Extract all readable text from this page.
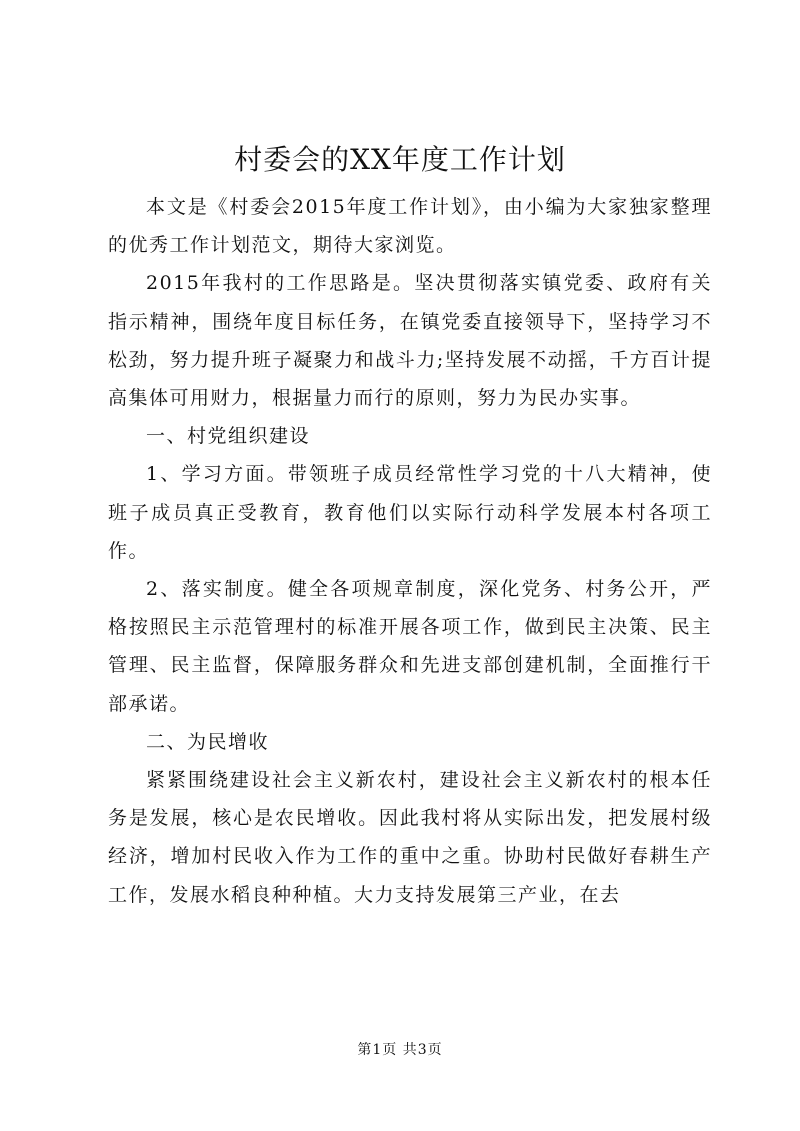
村委会的XX年度工作计划

本文是《村委会2015年度工作计划》，由小编为大家独家整理的优秀工作计划范文，期待大家浏览。

2015年我村的工作思路是。坚决贯彻落实镇党委、政府有关指示精神，围绕年度目标任务，在镇党委直接领导下，坚持学习不松劲，努力提升班子凝聚力和战斗力;坚持发展不动摇，千方百计提高集体可用财力，根据量力而行的原则，努力为民办实事。

一、村党组织建设

1、学习方面。带领班子成员经常性学习党的十八大精神，使班子成员真正受教育，教育他们以实际行动科学发展本村各项工作。

2、落实制度。健全各项规章制度，深化党务、村务公开，严格按照民主示范管理村的标准开展各项工作，做到民主决策、民主管理、民主监督，保障服务群众和先进支部创建机制，全面推行干部承诺。

二、为民增收

紧紧围绕建设社会主义新农村，建设社会主义新农村的根本任务是发展，核心是农民增收。因此我村将从实际出发，把发展村级经济，增加村民收入作为工作的重中之重。协助村民做好春耕生产工作，发展水稻良种种植。大力支持发展第三产业，在去

第1页 共3页
